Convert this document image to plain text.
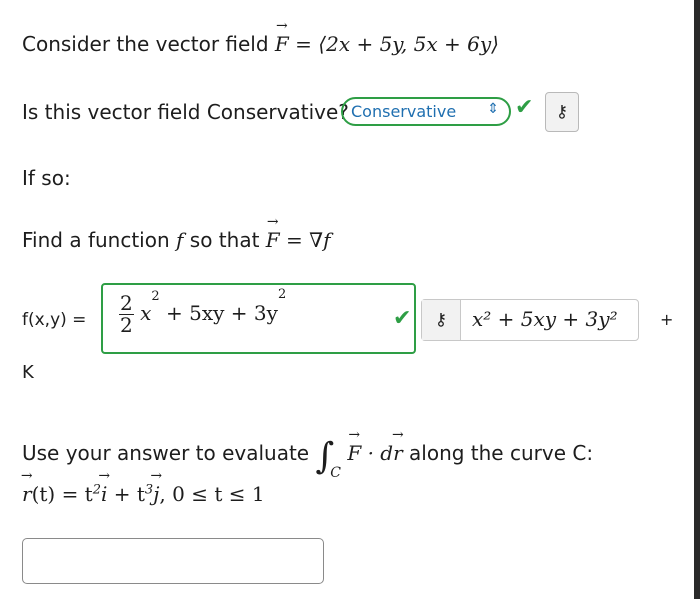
Consider the vector field → F = ⟨2x + 5y, 5x + 6y⟩
Is this vector field Conservative? Conservative ⇕ ✔ ⚷
If so:
Find a function f so that → F = ∇f
$f(x,y) = \frac{2}{2} x^2 + 5xy + 3y^2$
✔ ⚷ x² + 5xy + 3y²	+
K
Use your answer to evaluate $\int_C \to F \cdot d\to r$ along the curve C:
→ $r(t) = t^2\to i + t^3\to j$, 0 ≤ t ≤ 1
